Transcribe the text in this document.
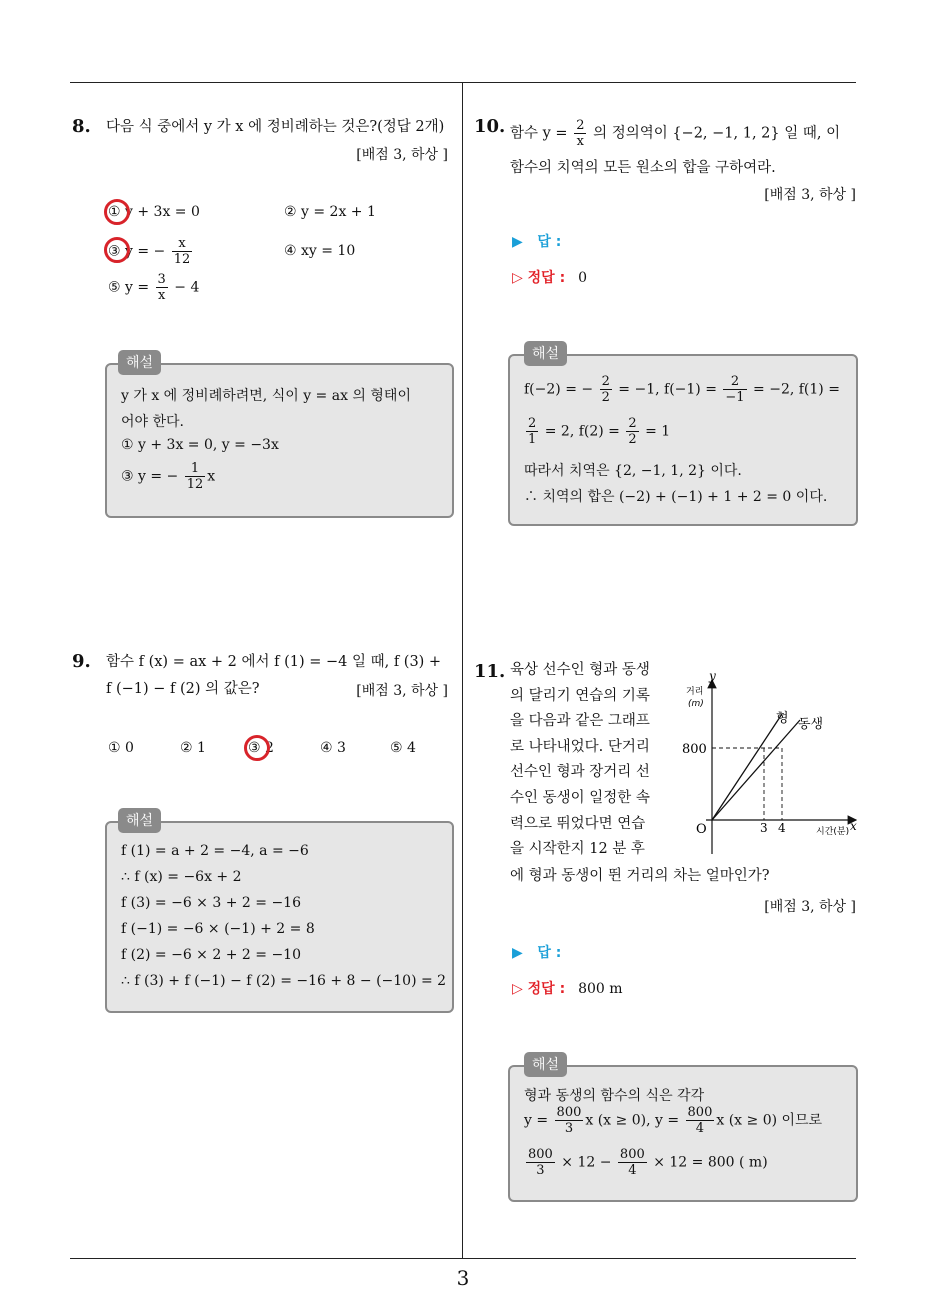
8. 다음 식 중에서 y 가 x 에 정비례하는 것은?(정답 2개)
[배점 3, 하상 ]
① y + 3x = 0	② y = 2x + 1
③ y = − $\frac{x}{12}$	④ xy = 10
⑤ $y = \frac{3}{x} - 4$
y 가 x 에 정비례하려면, 식이 y = ax 의 형태이
어야 한다.
① y + 3x = 0, y = −3x
③ y = − $\frac{1}{12}$ x
해설
9. 함수 f (x) = ax + 2 에서 f (1) = −4 일 때, f (3) +
f (−1) − f (2) 의 값은?	[배점 3, 하상 ]
① 0	② 1	③ 2	④ 3	⑤ 4
f (1) = a + 2 = −4, a = −6
∴ f (x) = −6x + 2
f (3) = −6 × 3 + 2 = −16
f (−1) = −6 × (−1) + 2 = 8
f (2) = −6 × 2 + 2 = −10
∴ f (3) + f (−1) − f (2) = −16 + 8 − (−10) = 2
해설
10. 함수 $y = \frac{2}{x}$ 의 정의역이 {−2, −1, 1, 2} 일 때, 이
함수의 치역의 모든 원소의 합을 구하여라.
[배점 3, 하상 ]
▶ 답 :
▷ 정답 : 0
f(−2) = − $\frac{2}{2} = -1$, $f(-1) = \frac{2}{-1} = -2$, f(1) =
$\frac{2}{1} = 2$, $f(2) = \frac{2}{2} = 1$
따라서 치역은 {2, −1, 1, 2} 이다.
∴ 치역의 합은 (−2) + (−1) + 1 + 2 = 0 이다.
해설
11. 육상 선수인 형과 동생
의 달리기 연습의 기록
을 다음과 같은 그래프
로 나타내었다. 단거리
선수인 형과 장거리 선
수인 동생이 일정한 속
력으로 뛰었다면 연습
을 시작한지 12 분 후
에 형과 동생이 뛴 거리의 차는 얼마인가?
[배점 3, 하상 ]
y
거리
(m)
x
시간(분)
O
800
3 4
형 동생
▶ 답 :
▷ 정답 : 800 m
형과 동생의 함수의 식은 각각
$y = \frac{800}{3}$ x (x ≥ 0), $y = \frac{800}{4}$ x (x ≥ 0) 이므로
$\frac{800}{3} \times 12 - \frac{800}{4} \times 12 = 800$ ( m)
해설
3
